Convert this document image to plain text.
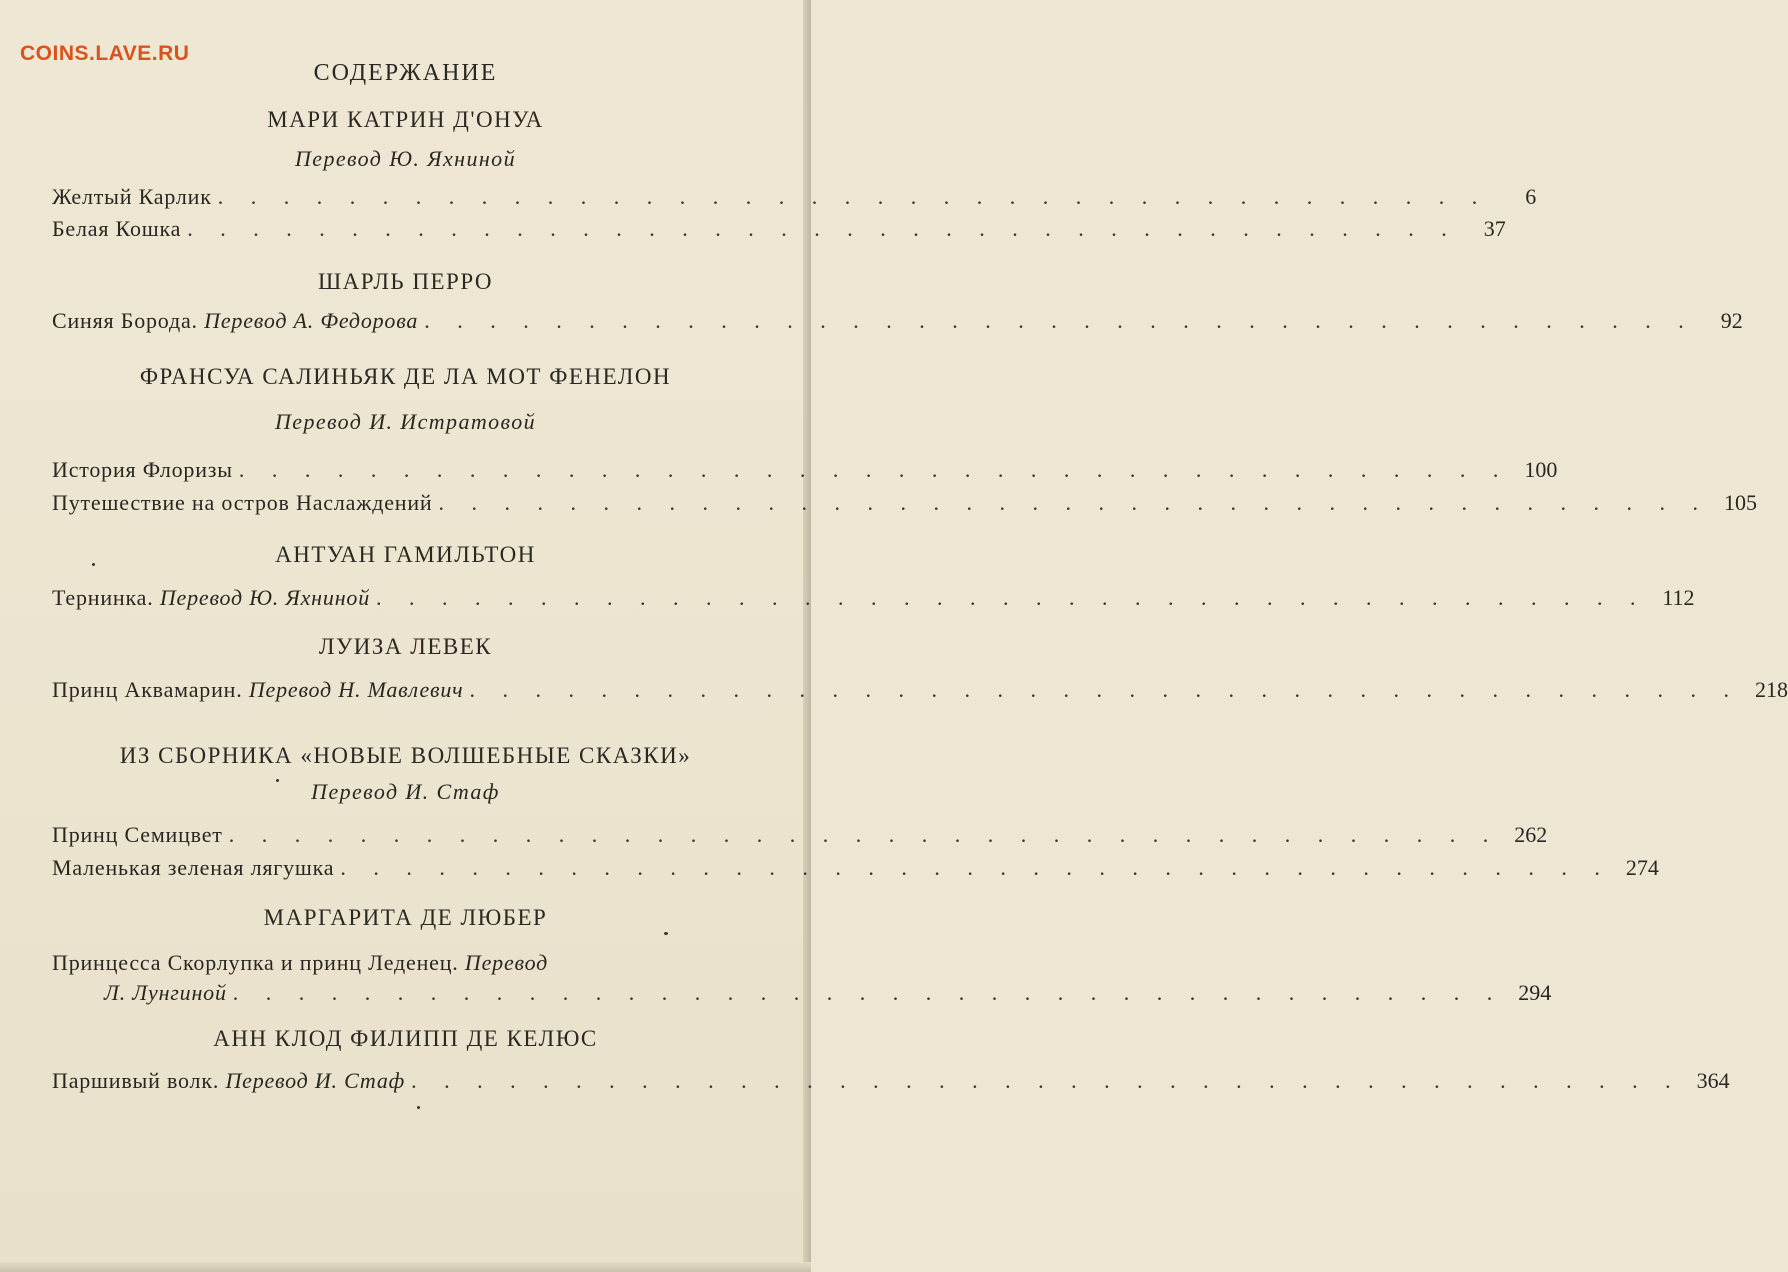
COINS.LAVE.RU
СОДЕРЖАНИЕ
МАРИ КАТРИН Д'ОНУА
Перевод Ю. Яхниной
Желтый Карлик . . . . . . . . . . . . . . . . . . . . . . . . . . . . . . . . . . . . . . .	6
Белая Кошка . . . . . . . . . . . . . . . . . . . . . . . . . . . . . . . . . . . . . . .	37
ШАРЛЬ ПЕРРО
Синяя Борода. Перевод А. Федорова . . . . . . . . . . . . . . . . . . . . . . . . . . . . . . . . . . . . . . .	92
ФРАНСУА САЛИНЬЯК ДЕ ЛА МОТ ФЕНЕЛОН
Перевод И. Истратовой
История Флоризы . . . . . . . . . . . . . . . . . . . . . . . . . . . . . . . . . . . . . . . 100
Путешествие на остров Наслаждений . . . . . . . . . . . . . . . . . . . . . . . . . . . . . . . . . . . . . . . 105
АНТУАН ГАМИЛЬТОН
Тернинка. Перевод Ю. Яхниной . . . . . . . . . . . . . . . . . . . . . . . . . . . . . . . . . . . . . . . 112
ЛУИЗА ЛЕВЕК
Принц Аквамарин. Перевод Н. Мавлевич . . . . . . . . . . . . . . . . . . . . . . . . . . . . . . . . . . . . . . . 218
ИЗ СБОРНИКА «НОВЫЕ ВОЛШЕБНЫЕ СКАЗКИ»
Перевод И. Стаф
Принц Семицвет . . . . . . . . . . . . . . . . . . . . . . . . . . . . . . . . . . . . . . . 262
Маленькая зеленая лягушка . . . . . . . . . . . . . . . . . . . . . . . . . . . . . . . . . . . . . . . 274
МАРГАРИТА ДЕ ЛЮБЕР
Принцесса Скорлупка и принц Леденец. Перевод
Л. Лунгиной . . . . . . . . . . . . . . . . . . . . . . . . . . . . . . . . . . . . . . . 294
АНН КЛОД ФИЛИПП ДЕ КЕЛЮС
Паршивый волк. Перевод И. Стаф . . . . . . . . . . . . . . . . . . . . . . . . . . . . . . . . . . . . . . . 364
